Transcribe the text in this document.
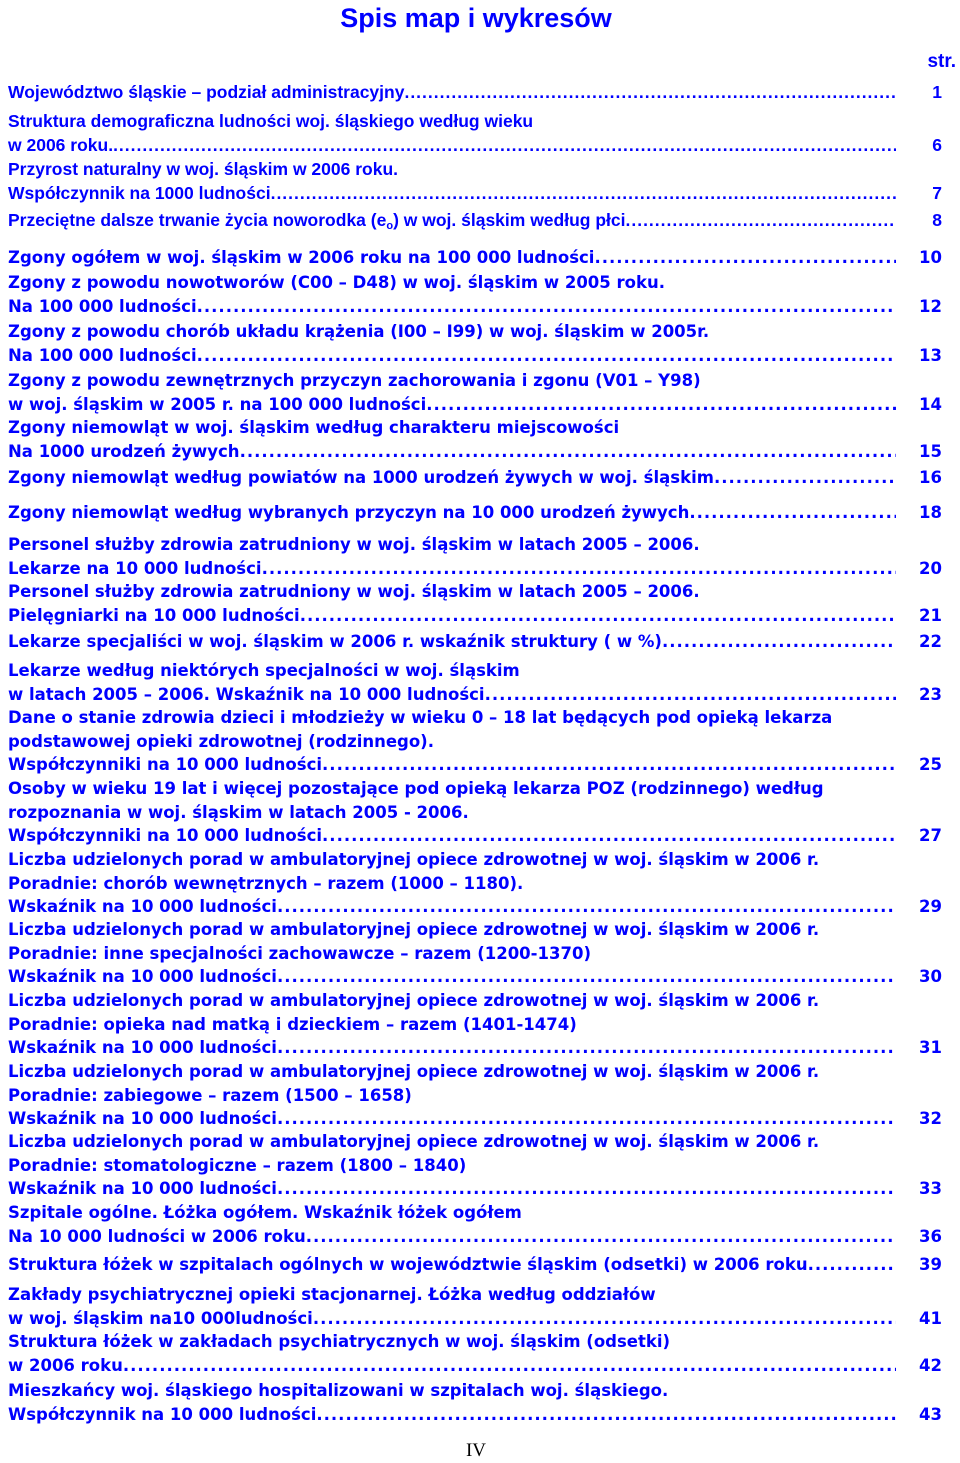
Spis map i wykresów
str.
Województwo śląskie – podział administracyjny .....	1
Struktura demograficzna ludności woj. śląskiego według wieku
w 2006 roku. .....	6
Przyrost naturalny w woj. śląskim w 2006 roku.
Współczynnik na 1000 ludności .....	7
Przeciętne dalsze trwanie życia noworodka $(e_o)$ w woj. śląskim według płci .....	8
Zgony ogółem w woj. śląskim w 2006 roku na 100 000 ludności .....	10
Zgony z powodu nowotworów (C00 – D48) w woj. śląskim w 2005 roku.
Na 100 000 ludności .....	12
Zgony z powodu chorób układu krążenia (I00 – I99) w woj. śląskim w 2005r.
Na 100 000 ludności .....	13
Zgony z powodu zewnętrznych przyczyn zachorowania i zgonu (V01 – Y98)
w woj. śląskim w 2005 r. na 100 000 ludności .....	14
Zgony niemowląt w woj. śląskim według charakteru miejscowości
Na 1000 urodzeń żywych .....	15
Zgony niemowląt według powiatów na 1000 urodzeń żywych w woj. śląskim .....	16
Zgony niemowląt według wybranych przyczyn na 10 000 urodzeń żywych .....	18
Personel służby zdrowia zatrudniony w woj. śląskim w latach 2005 – 2006.
Lekarze na 10 000 ludności .....	20
Personel służby zdrowia zatrudniony w woj. śląskim w latach 2005 – 2006.
Pielęgniarki na 10 000 ludności .....	21
Lekarze specjaliści w woj. śląskim w 2006 r. wskaźnik struktury ( w %) .....	22
Lekarze według niektórych specjalności w woj. śląskim
w latach 2005 – 2006. Wskaźnik na 10 000 ludności .....	23
Dane o stanie zdrowia dzieci i młodzieży w wieku 0 – 18 lat będących pod opieką lekarza
podstawowej opieki zdrowotnej (rodzinnego).
Współczynniki na 10 000 ludności .....	25
Osoby w wieku 19 lat i więcej pozostające pod opieką lekarza POZ (rodzinnego) według
rozpoznania w woj. śląskim w latach 2005 - 2006.
Współczynniki na 10 000 ludności .....	27
Liczba udzielonych porad w ambulatoryjnej opiece zdrowotnej w woj. śląskim w 2006 r.
Poradnie: chorób wewnętrznych – razem (1000 – 1180).
Wskaźnik na 10 000 ludności .....	29
Liczba udzielonych porad w ambulatoryjnej opiece zdrowotnej w woj. śląskim w 2006 r.
Poradnie: inne specjalności zachowawcze – razem (1200-1370)
Wskaźnik na 10 000 ludności .....	30
Liczba udzielonych porad w ambulatoryjnej opiece zdrowotnej w woj. śląskim w 2006 r.
Poradnie: opieka nad matką i dzieckiem – razem (1401-1474)
Wskaźnik na 10 000 ludności .....	31
Liczba udzielonych porad w ambulatoryjnej opiece zdrowotnej w woj. śląskim w 2006 r.
Poradnie: zabiegowe – razem (1500 – 1658)
Wskaźnik na 10 000 ludności .....	32
Liczba udzielonych porad w ambulatoryjnej opiece zdrowotnej w woj. śląskim w 2006 r.
Poradnie: stomatologiczne – razem (1800 – 1840)
Wskaźnik na 10 000 ludności .....	33
Szpitale ogólne. Łóżka ogółem. Wskaźnik łóżek ogółem
Na 10 000 ludności w 2006 roku .....	36
Struktura łóżek w szpitalach ogólnych w województwie śląskim (odsetki) w 2006 roku .....	39
Zakłady psychiatrycznej opieki stacjonarnej. Łóżka według oddziałów
w woj. śląskim na10 000ludności .....	41
Struktura łóżek w zakładach psychiatrycznych w woj. śląskim (odsetki)
w 2006 roku .....	42
Mieszkańcy woj. śląskiego hospitalizowani w szpitalach woj. śląskiego.
Współczynnik na 10 000 ludności .....	43
IV
